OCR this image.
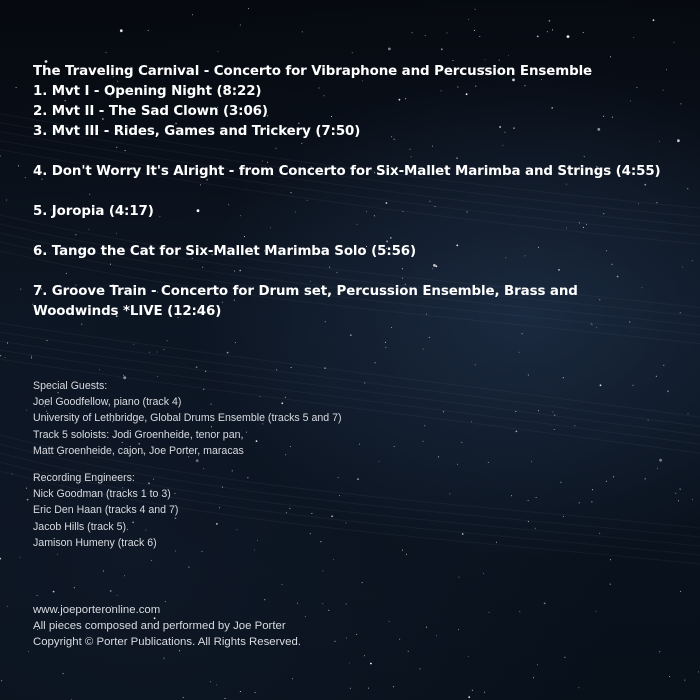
The Traveling Carnival - Concerto for Vibraphone and Percussion Ensemble
1. Mvt I - Opening Night (8:22)
2. Mvt II - The Sad Clown (3:06)
3. Mvt III - Rides, Games and Trickery (7:50)
4. Don't Worry It's Alright - from Concerto for Six-Mallet Marimba and Strings (4:55)
5. Joropia (4:17)
6. Tango the Cat for Six-Mallet Marimba Solo (5:56)
7. Groove Train - Concerto for Drum set, Percussion Ensemble, Brass and Woodwinds *LIVE (12:46)
Special Guests:
Joel Goodfellow, piano (track 4)
University of Lethbridge, Global Drums Ensemble (tracks 5 and 7)
Track 5 soloists: Jodi Groenheide, tenor pan,
Matt Groenheide, cajon, Joe Porter, maracas
Recording Engineers:
Nick Goodman (tracks 1 to 3)
Eric Den Haan (tracks 4 and 7)
Jacob Hills (track 5)
Jamison Humeny (track 6)
www.joeporteronline.com
All pieces composed and performed by Joe Porter
Copyright © Porter Publications. All Rights Reserved.
